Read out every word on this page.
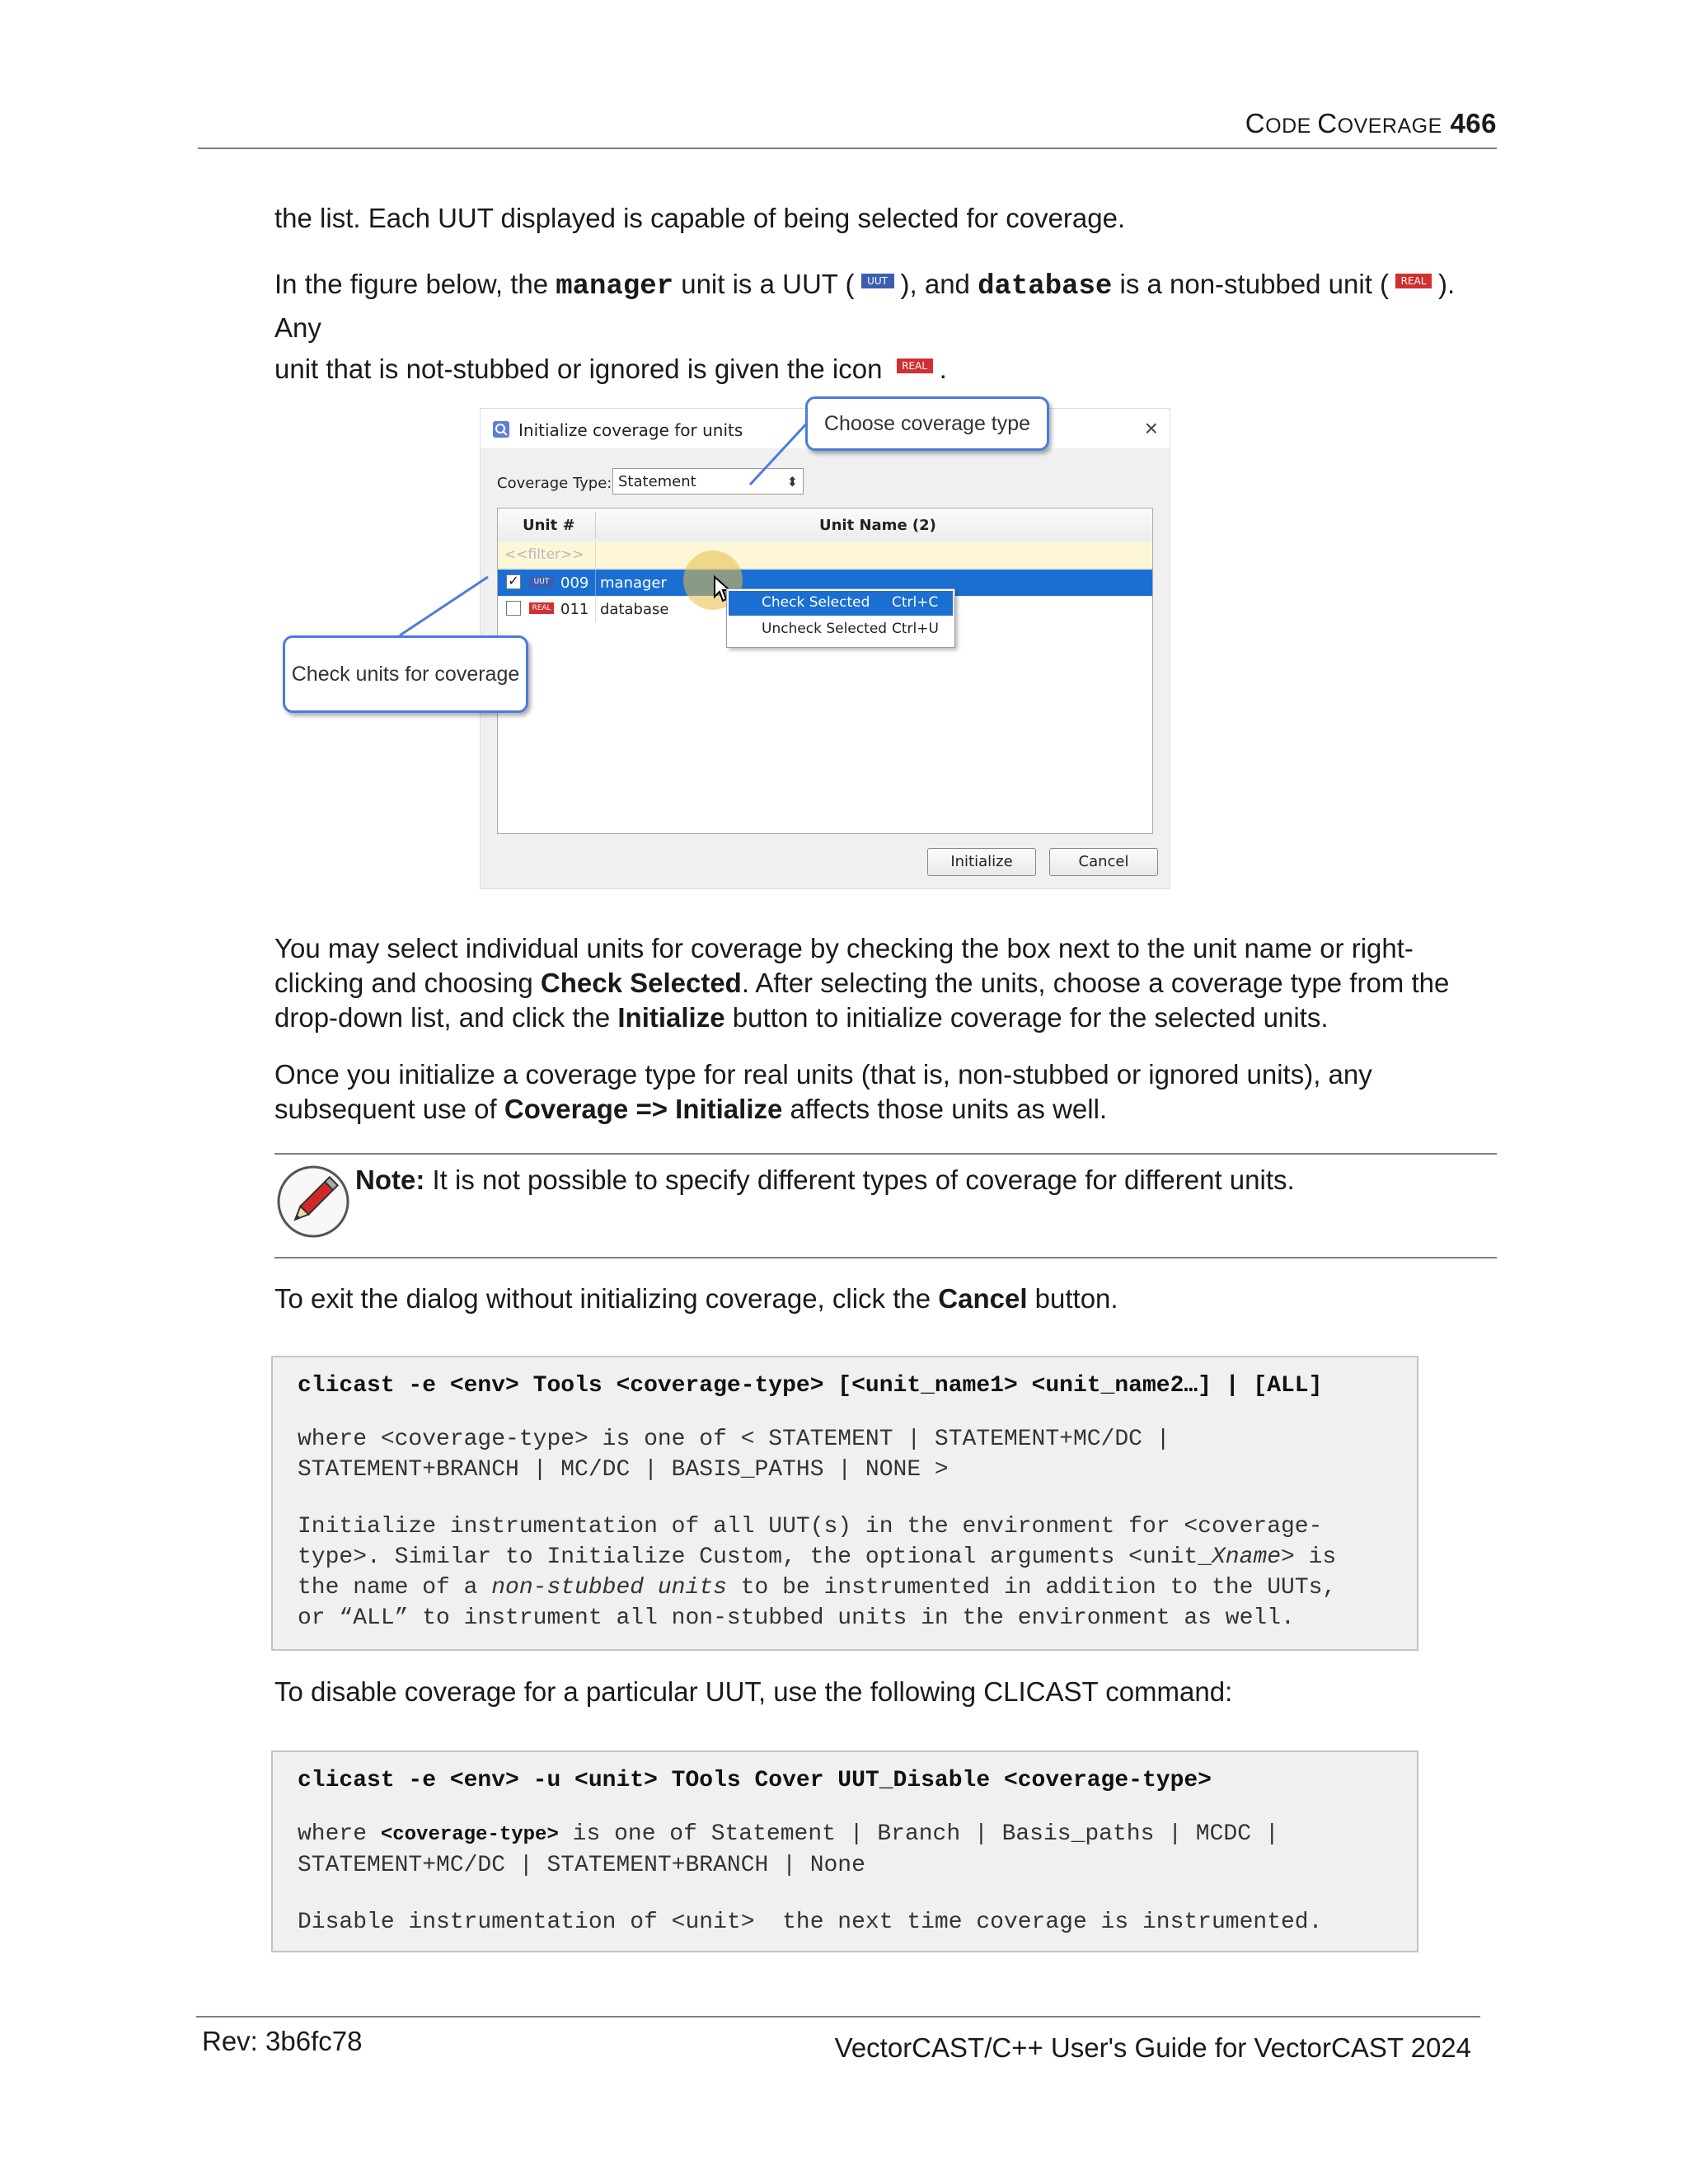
CODE COVERAGE 466
the list. Each UUT displayed is capable of being selected for coverage.
In the figure below, the manager unit is a UUT ( UUT ), and database is a non-stubbed unit ( REAL ). Any
unit that is not-stubbed or ignored is given the icon REAL .
Initialize coverage for units	×
Coverage Type: Statement	⬍
Unit #	Unit Name (2)
<<filter>>
✓	UUT 009 manager
REAL 011 database	Check Selected Ctrl+C
Uncheck Selected Ctrl+U
Initialize	Cancel
Choose coverage type
Check units for coverage
You may select individual units for coverage by checking the box next to the unit name or right-clicking and choosing Check Selected. After selecting the units, choose a coverage type from the drop-down list, and click the Initialize button to initialize coverage for the selected units.
Once you initialize a coverage type for real units (that is, non-stubbed or ignored units), any subsequent use of Coverage => Initialize affects those units as well.
Note: It is not possible to specify different types of coverage for different units.
To exit the dialog without initializing coverage, click the Cancel button.
clicast -e <env> Tools <coverage-type> [<unit_name1> <unit_name2…] | [ALL]
where <coverage-type> is one of < STATEMENT | STATEMENT+MC/DC |
STATEMENT+BRANCH | MC/DC | BASIS_PATHS | NONE >
Initialize instrumentation of all UUT(s) in the environment for <coverage-
type>. Similar to Initialize Custom, the optional arguments <unit_Xname> is
the name of a non-stubbed units to be instrumented in addition to the UUTs,
or “ALL” to instrument all non-stubbed units in the environment as well.
To disable coverage for a particular UUT, use the following CLICAST command:
clicast -e <env> -u <unit> TOols Cover UUT_Disable <coverage-type>
where <coverage-type> is one of Statement | Branch | Basis_paths | MCDC |
STATEMENT+MC/DC | STATEMENT+BRANCH | None
Disable instrumentation of <unit>  the next time coverage is instrumented.
Rev: 3b6fc78	VectorCAST/C++ User's Guide for VectorCAST 2024
